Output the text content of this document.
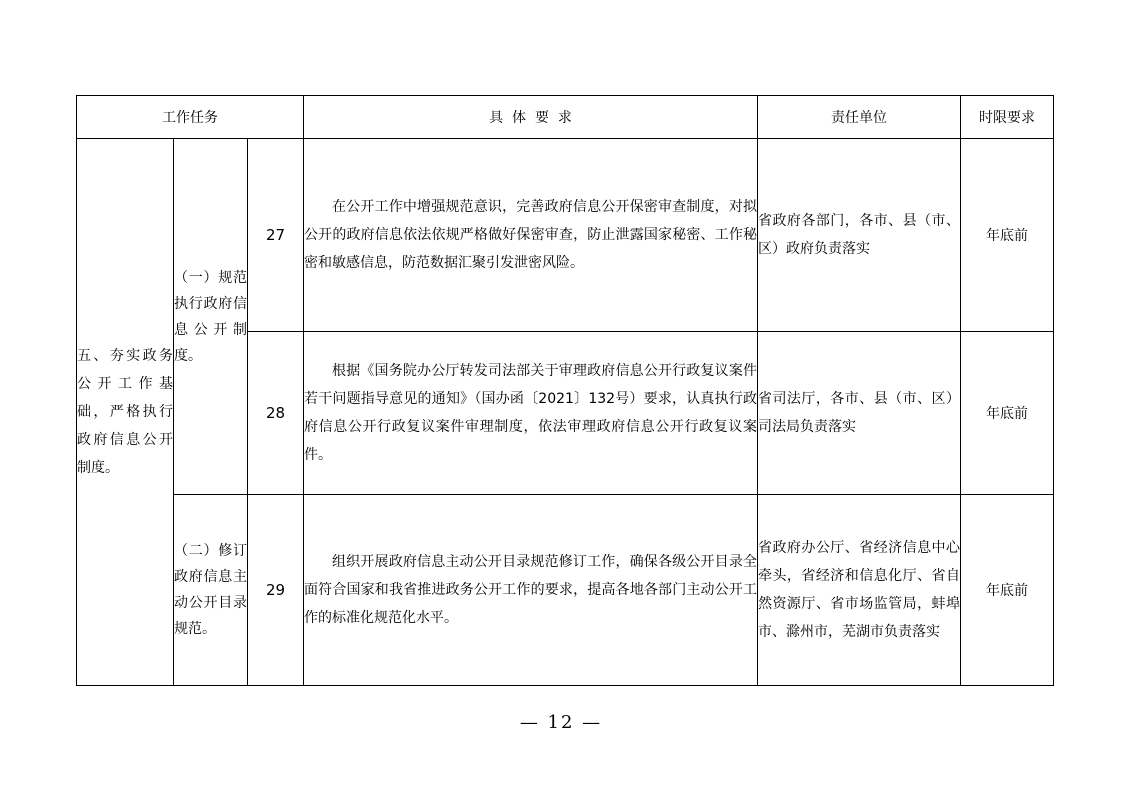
工作任务			具  体  要  求	责任单位	时限要求
五、夯实政务公开工作基础，严格执行政府信息公开制度。	（一）规范执行政府信息公开制度。	27	在公开工作中增强规范意识，完善政府信息公开保密审查制度，对拟公开的政府信息依法依规严格做好保密审查，防止泄露国家秘密、工作秘密和敏感信息，防范数据汇聚引发泄密风险。	省政府各部门，各市、县（市、区）政府负责落实	年底前
		28	根据《国务院办公厅转发司法部关于审理政府信息公开行政复议案件若干问题指导意见的通知》（国办函〔2021〕132号）要求，认真执行政府信息公开行政复议案件审理制度，依法审理政府信息公开行政复议案件。	省司法厅，各市、县（市、区）司法局负责落实	年底前
	（二）修订政府信息主动公开目录规范。	29	组织开展政府信息主动公开目录规范修订工作，确保各级公开目录全面符合国家和我省推进政务公开工作的要求，提高各地各部门主动公开工作的标准化规范化水平。	省政府办公厅、省经济信息中心牵头，省经济和信息化厅、省自然资源厅、省市场监管局，蚌埠市、滁州市，芜湖市负责落实	年底前
— 12 —
